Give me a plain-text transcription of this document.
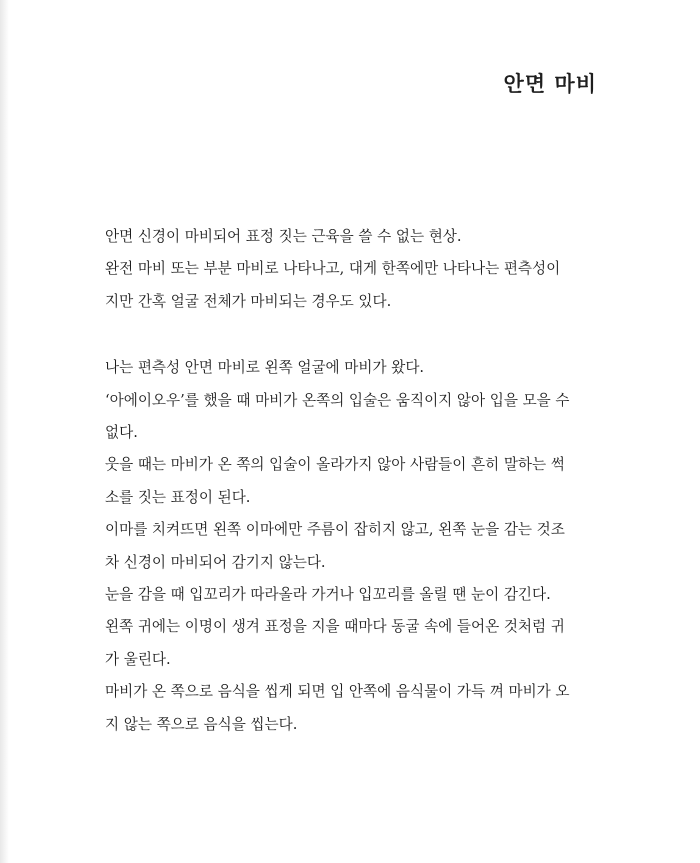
안면 마비
안면 신경이 마비되어 표정 짓는 근육을 쓸 수 없는 현상.
완전 마비 또는 부분 마비로 나타나고, 대게 한쪽에만 나타나는 편측성이
지만 간혹 얼굴 전체가 마비되는 경우도 있다.
나는 편측성 안면 마비로 왼쪽 얼굴에 마비가 왔다.
‘아에이오우’를 했을 때 마비가 온쪽의 입술은 움직이지 않아 입을 모을 수
없다.
웃을 때는 마비가 온 쪽의 입술이 올라가지 않아 사람들이 흔히 말하는 썩
소를 짓는 표정이 된다.
이마를 치켜뜨면 왼쪽 이마에만 주름이 잡히지 않고, 왼쪽 눈을 감는 것조
차 신경이 마비되어 감기지 않는다.
눈을 감을 때 입꼬리가 따라올라 가거나 입꼬리를 올릴 땐 눈이 감긴다.
왼쪽 귀에는 이명이 생겨 표정을 지을 때마다 동굴 속에 들어온 것처럼 귀
가 울린다.
마비가 온 쪽으로 음식을 씹게 되면 입 안쪽에 음식물이 가득 껴 마비가 오
지 않는 쪽으로 음식을 씹는다.
